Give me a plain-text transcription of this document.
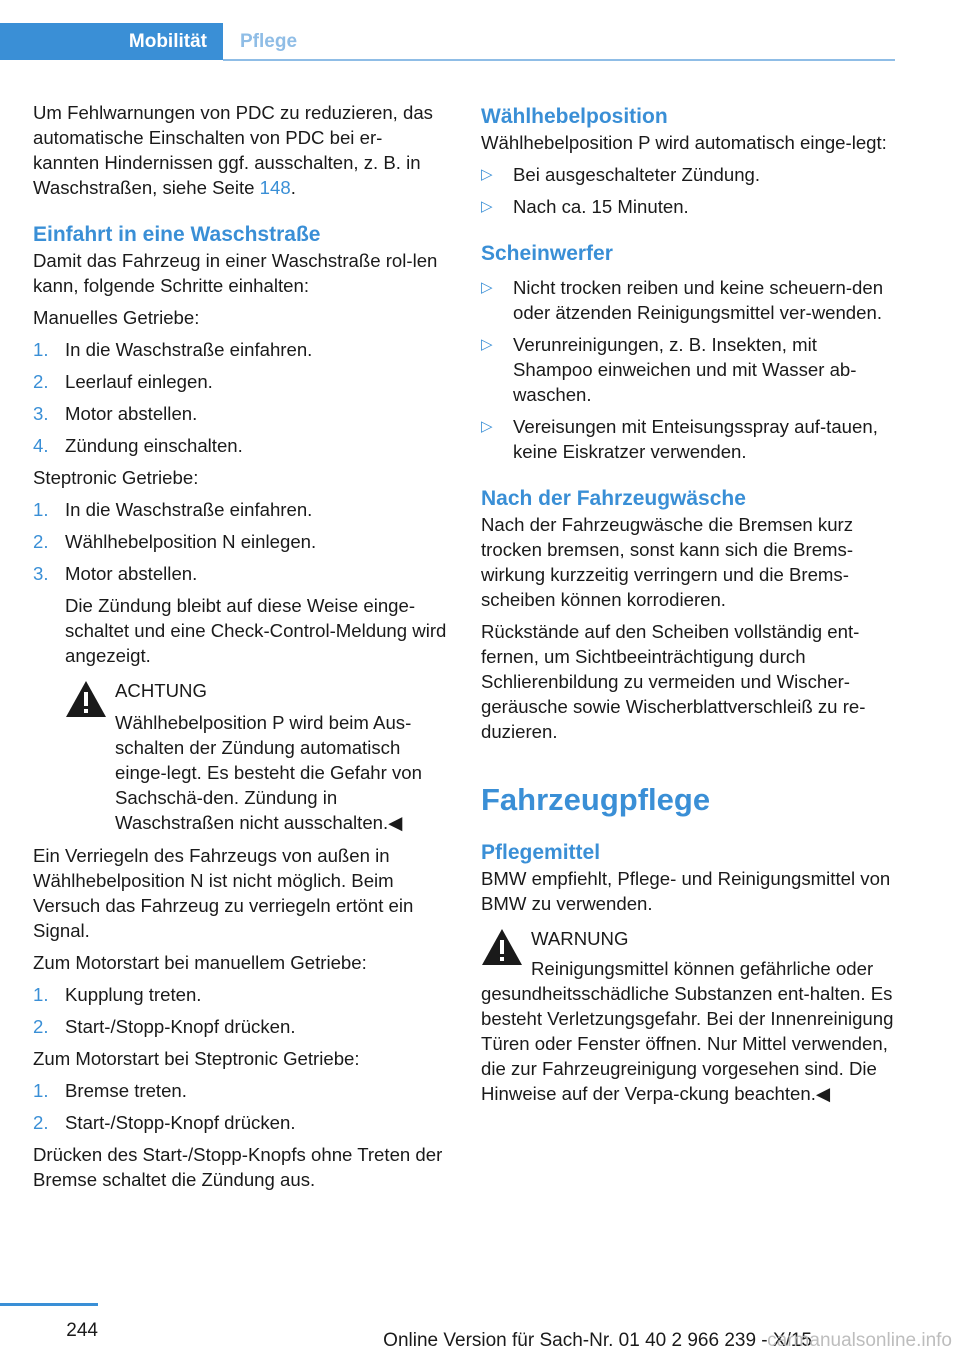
Mobilität	Pflege

Um Fehlwarnungen von PDC zu reduzieren, das automatische Einschalten von PDC bei er‐kannten Hindernissen ggf. ausschalten, z. B. in Waschstraßen, siehe Seite 148.

Einfahrt in eine Waschstraße

Damit das Fahrzeug in einer Waschstraße rol‐len kann, folgende Schritte einhalten:

Manuelles Getriebe:

1. In die Waschstraße einfahren.
2. Leerlauf einlegen.
3. Motor abstellen.
4. Zündung einschalten.

Steptronic Getriebe:

1. In die Waschstraße einfahren.
2. Wählhebelposition N einlegen.
3. Motor abstellen.
Die Zündung bleibt auf diese Weise einge‐schaltet und eine Check-Control-Meldung wird angezeigt.
ACHTUNG
Wählhebelposition P wird beim Aus‐schalten der Zündung automatisch einge‐legt. Es besteht die Gefahr von Sachschä‐den. Zündung in Waschstraßen nicht ausschalten.◀

Ein Verriegeln des Fahrzeugs von außen in Wählhebelposition N ist nicht möglich. Beim Versuch das Fahrzeug zu verriegeln ertönt ein Signal.

Zum Motorstart bei manuellem Getriebe:

1. Kupplung treten.
2. Start-/Stopp-Knopf drücken.

Zum Motorstart bei Steptronic Getriebe:

1. Bremse treten.
2. Start-/Stopp-Knopf drücken.

Drücken des Start-/Stopp-Knopfs ohne Treten der Bremse schaltet die Zündung aus.

Wählhebelposition

Wählhebelposition P wird automatisch einge‐legt:

▷ Bei ausgeschalteter Zündung.
▷ Nach ca. 15 Minuten.
Scheinwerfer
▷ Nicht trocken reiben und keine scheuern‐den oder ätzenden Reinigungsmittel ver‐wenden.
▷ Verunreinigungen, z. B. Insekten, mit Shampoo einweichen und mit Wasser ab‐waschen.
▷ Vereisungen mit Enteisungsspray auf‐tauen, keine Eiskratzer verwenden.
Nach der Fahrzeugwäsche

Nach der Fahrzeugwäsche die Bremsen kurz trocken bremsen, sonst kann sich die Brems‐wirkung kurzzeitig verringern und die Brems‐scheiben können korrodieren.

Rückstände auf den Scheiben vollständig ent‐fernen, um Sichtbeeinträchtigung durch Schlierenbildung zu vermeiden und Wischer‐geräusche sowie Wischerblattverschleiß zu re‐duzieren.

Fahrzeugpflege
Pflegemittel

BMW empfiehlt, Pflege- und Reinigungsmittel von BMW zu verwenden.

WARNUNG
Reinigungsmittel können gefährliche oder gesundheitsschädliche Substanzen ent‐halten. Es besteht Verletzungsgefahr. Bei der Innenreinigung Türen oder Fenster öffnen. Nur Mittel verwenden, die zur Fahrzeugreinigung vorgesehen sind. Die Hinweise auf der Verpa‐ckung beachten.◀
244	Online Version für Sach-Nr. 01 40 2 966 239 - X/15
carmanualsonline.info
